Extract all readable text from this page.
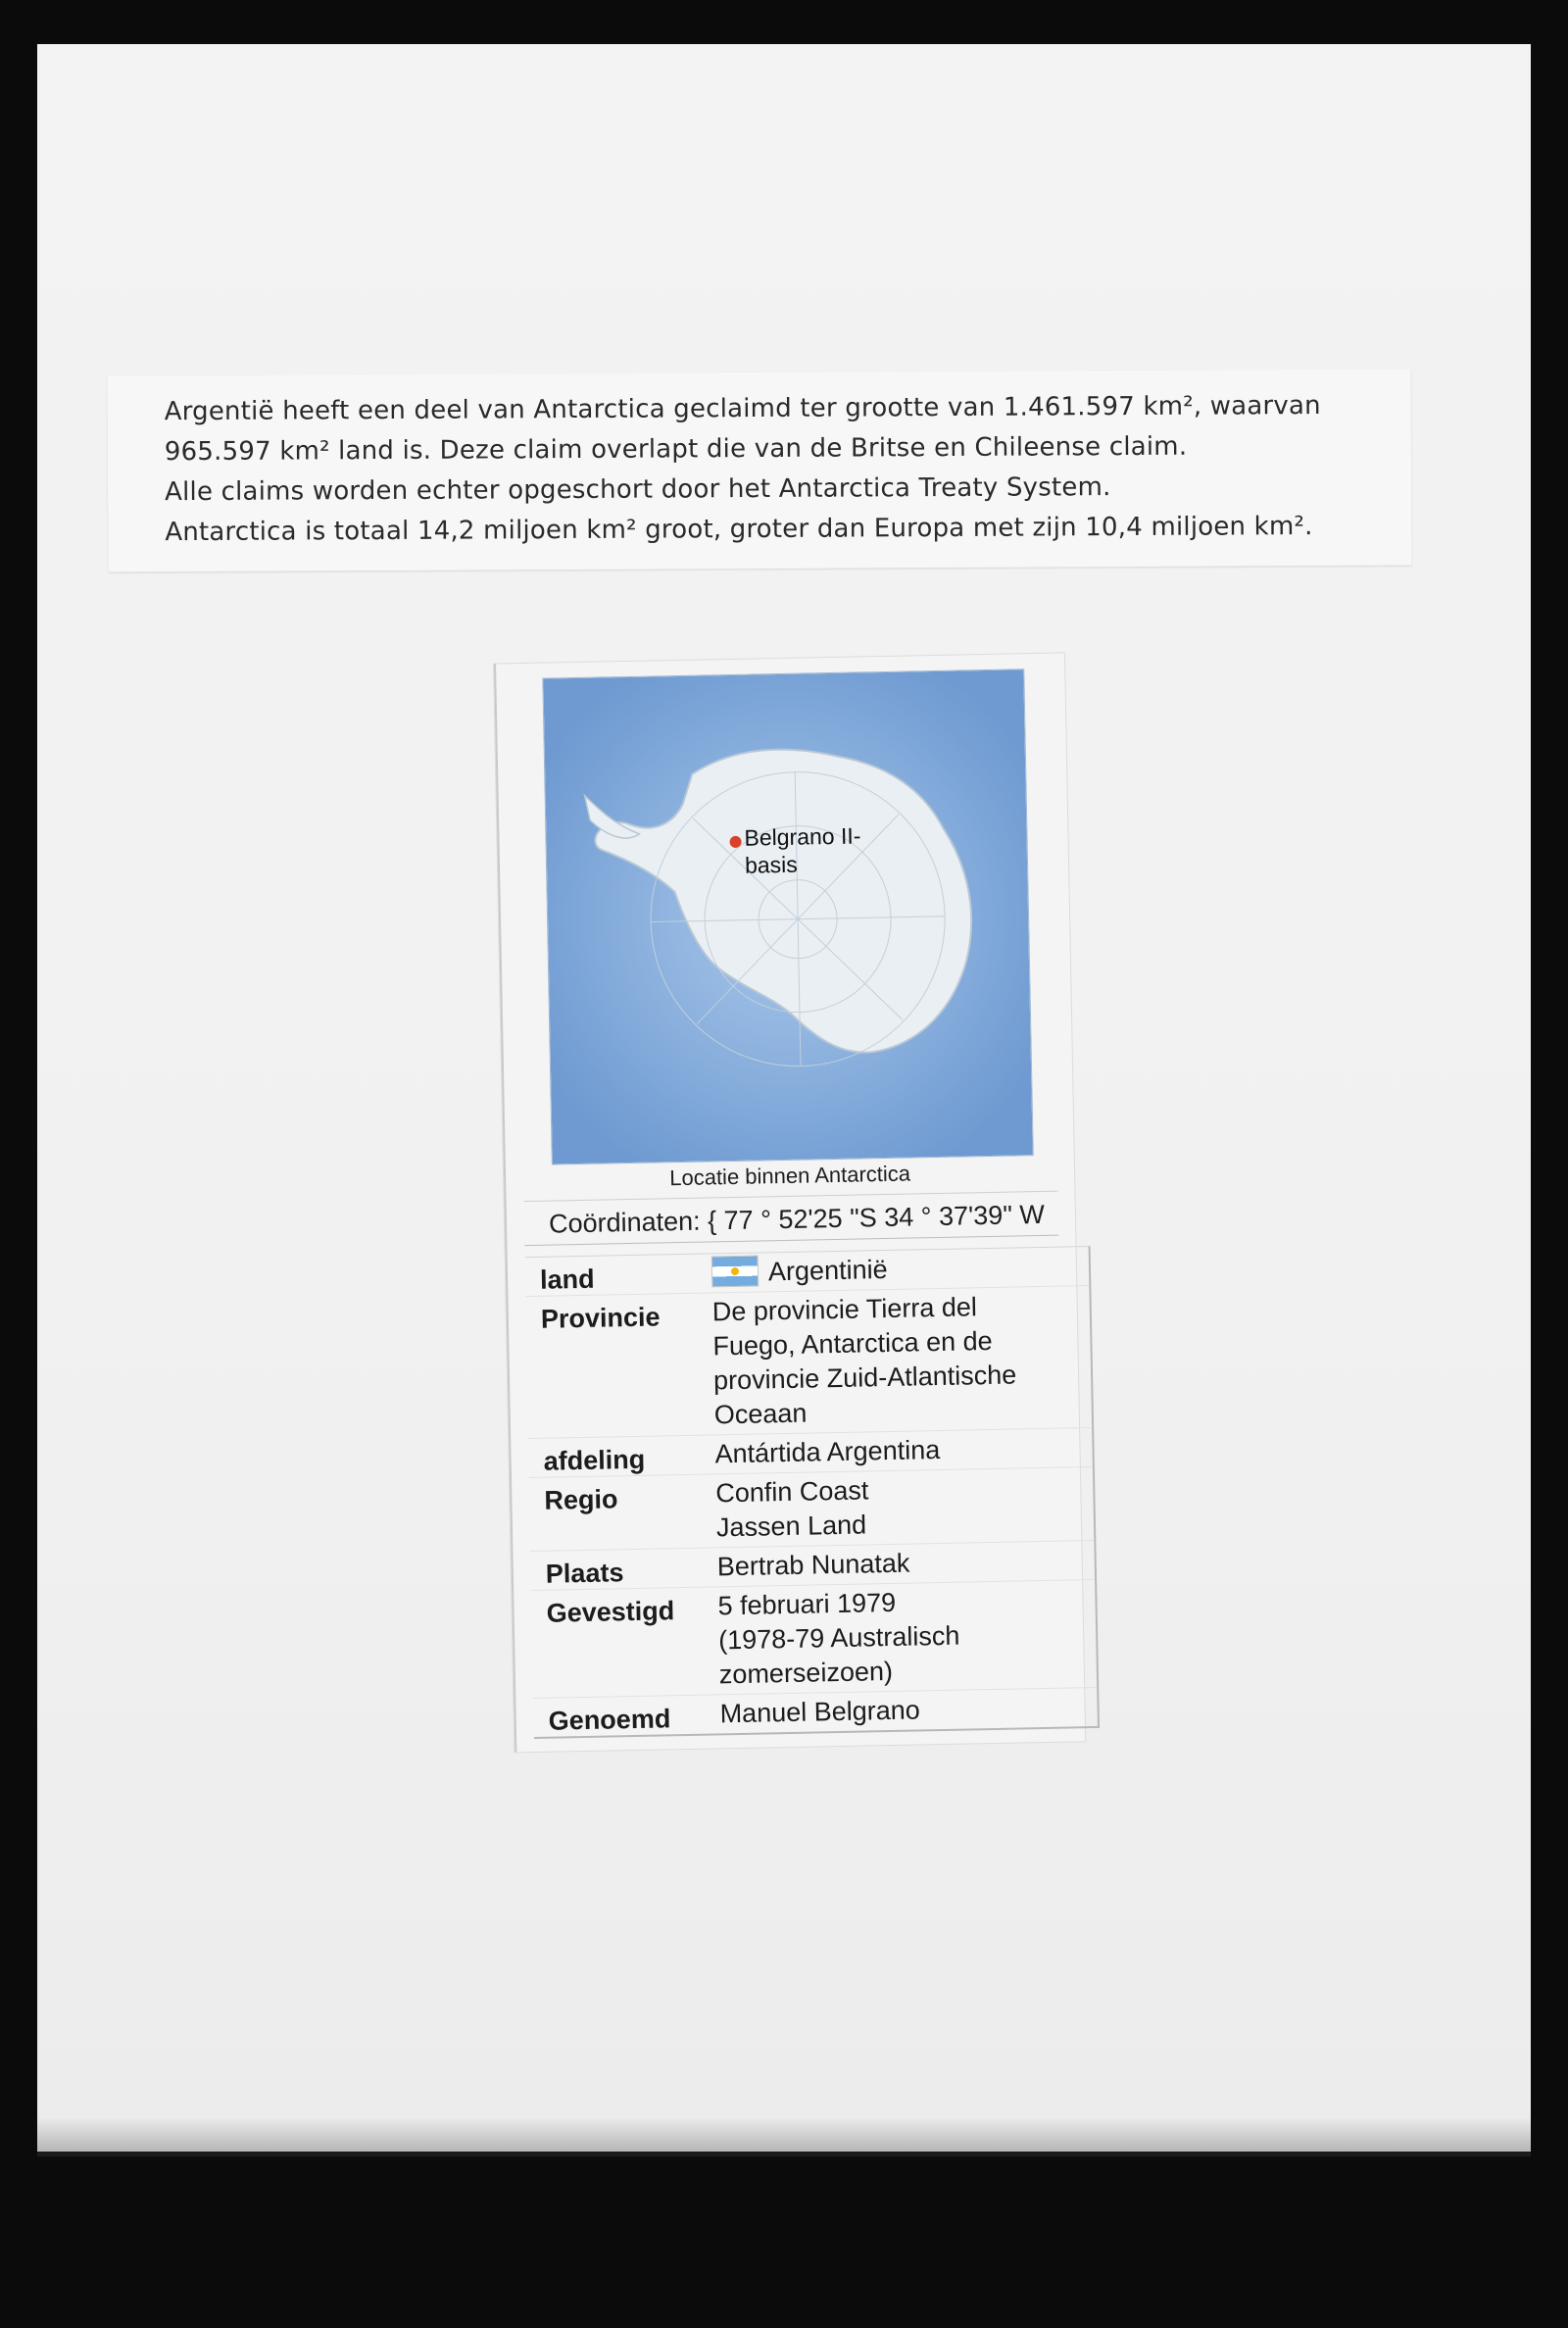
Argentië heeft een deel van Antarctica geclaimd ter grootte van 1.461.597 km², waarvan

965.597 km² land is. Deze claim overlapt die van de Britse en Chileense claim.

Alle claims worden echter opgeschort door het Antarctica Treaty System.

Antarctica is totaal 14,2 miljoen km² groot, groter dan Europa met zijn 10,4 miljoen km².

Belgrano II-
basis
Locatie binnen Antarctica
Coördinaten: { 77 ° 52'25 "S 34 ° 37'39" W
land	Argentinië
Provincie	De provincie Tierra del
Fuego, Antarctica en de
provincie Zuid-Atlantische
Oceaan
afdeling	Antártida Argentina
Regio	Confin Coast
Jassen Land
Plaats	Bertrab Nunatak
Gevestigd	5 februari 1979
(1978-79 Australisch
zomerseizoen)
Genoemd	Manuel Belgrano
